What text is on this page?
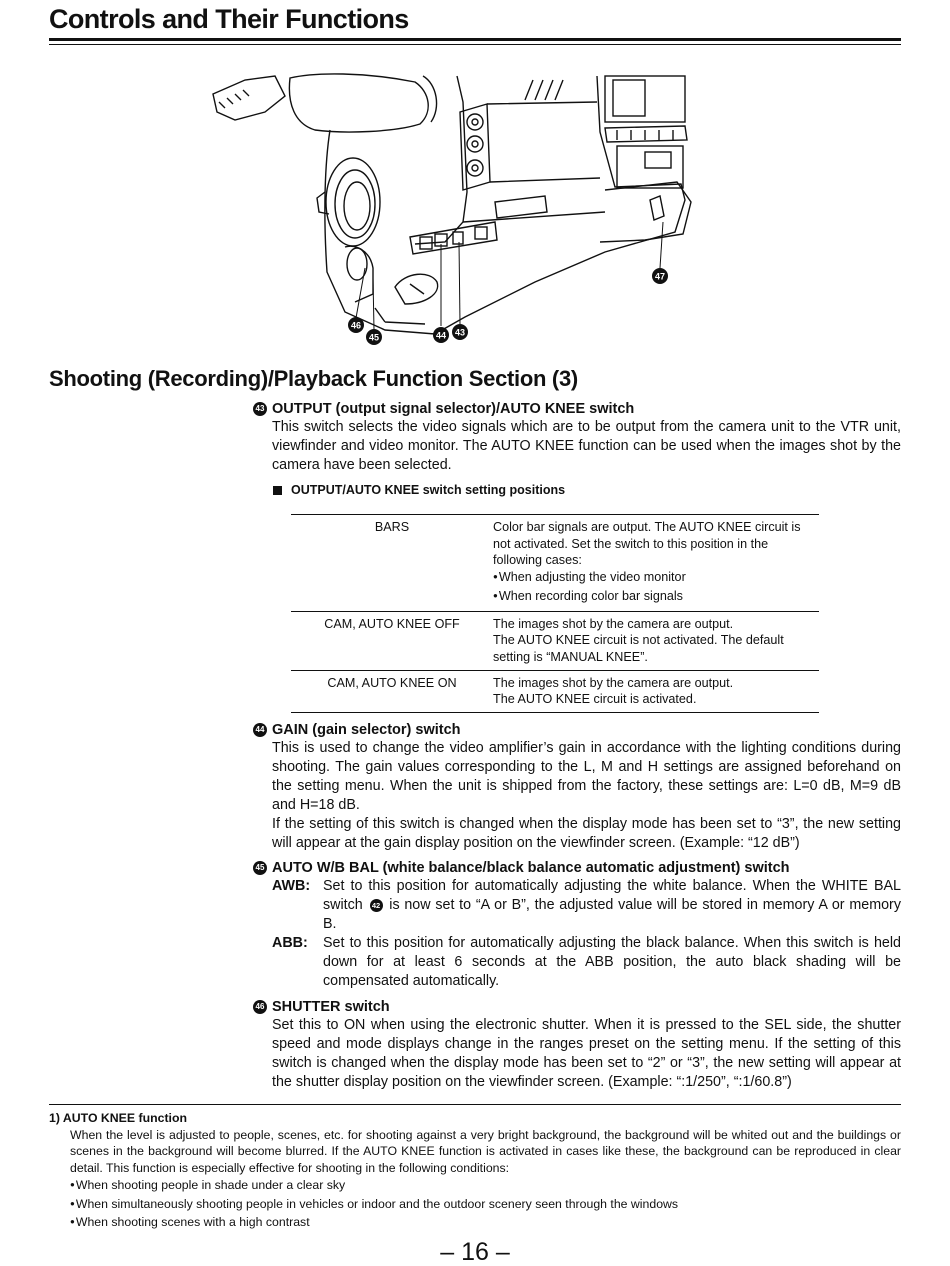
Controls and Their Functions
46
45	44 43
47
Shooting (Recording)/Playback Function Section (3)
43 OUTPUT (output signal selector)/AUTO KNEE switch
This switch selects the video signals which are to be output from the camera unit to the VTR unit, viewfinder and video monitor. The AUTO KNEE function can be used when the images shot by the camera have been selected.
OUTPUT/AUTO KNEE switch setting positions
BARS	Color bar signals are output. The AUTO KNEE circuit is not activated. Set the switch to this position in the following cases:
● When adjusting the video monitor
● When recording color bar signals

CAM, AUTO KNEE OFF	The images shot by the camera are output.
The AUTO KNEE circuit is not activated. The default setting is “MANUAL KNEE”.

CAM, AUTO KNEE ON	The images shot by the camera are output.
The AUTO KNEE circuit is activated.
44 GAIN (gain selector) switch

This is used to change the video amplifier’s gain in accordance with the lighting conditions during shooting. The gain values corresponding to the L, M and H settings are assigned beforehand on the setting menu. When the unit is shipped from the factory, these settings are: L=0 dB, M=9 dB and H=18 dB.

If the setting of this switch is changed when the display mode has been set to “3”, the new setting will appear at the gain display position on the viewfinder screen. (Example: “12 dB”)

45 AUTO W/B BAL (white balance/black balance automatic adjustment) switch
AWB: Set to this position for automatically adjusting the white balance. When the WHITE BAL switch 42 is now set to “A or B”, the adjusted value will be stored in memory A or memory B.
ABB:	Set to this position for automatically adjusting the black balance. When this switch is held down for at least 6 seconds at the ABB position, the auto black shading will be compensated automatically.
46 SHUTTER switch
Set this to ON when using the electronic shutter. When it is pressed to the SEL side, the shutter speed and mode displays change in the ranges preset on the setting menu. If the setting of this switch is changed when the display mode has been set to “2” or “3”, the new setting will appear at the shutter display position on the viewfinder screen. (Example: “:1/250”, “:1/60.8”)
1) AUTO KNEE function
When the level is adjusted to people, scenes, etc. for shooting against a very bright background, the background will be whited out and the buildings or scenes in the background will become blurred. If the AUTO KNEE function is activated in cases like these, the background can be reproduced in clear detail. This function is especially effective for shooting in the following conditions:
● When shooting people in shade under a clear sky
● When simultaneously shooting people in vehicles or indoor and the outdoor scenery seen through the windows
● When shooting scenes with a high contrast
– 16 –
